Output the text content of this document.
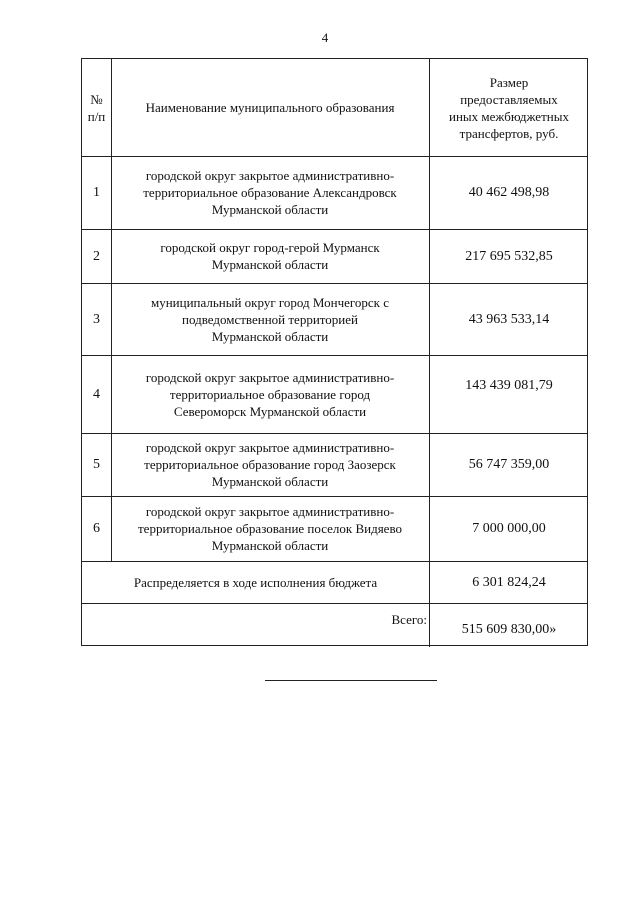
4
№
п/п
Наименование муниципального образования
Размер
предоставляемых
иных межбюджетных
трансфертов, руб.
1
городской округ закрытое административно-
территориальное образование Александровск
Мурманской области
40 462 498,98
2
городской округ город-герой Мурманск
Мурманской области
217 695 532,85
3
муниципальный округ город Мончегорск с
подведомственной территорией
Мурманской области
43 963 533,14
4
городской округ закрытое административно-
территориальное образование город
Североморск Мурманской области
143 439 081,79
5
городской округ закрытое административно-
территориальное образование город Заозерск
Мурманской области
56 747 359,00
6
городской округ закрытое административно-
территориальное образование поселок Видяево
Мурманской области
7 000 000,00
Распределяется в ходе исполнения бюджета	6 301 824,24
Всего:
515 609 830,00»
